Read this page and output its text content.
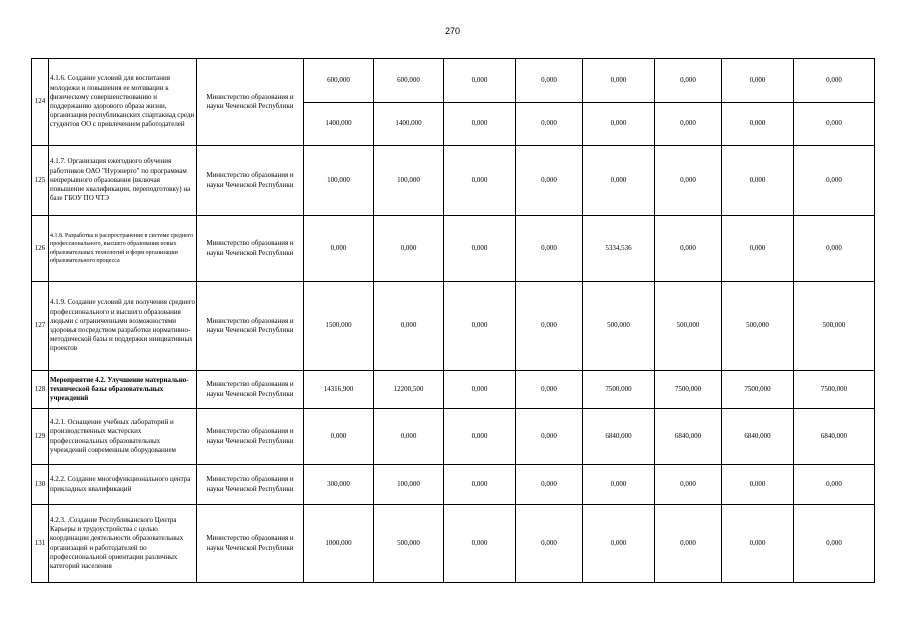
270
124	4.1.6. Создание условий для воспитания молодежи и повышения ее мотивации к физическому совершенствованию и поддержанию здорового образа жизни, организация республиканских спартакиад среди студентов ОО с привлечением работодателей	Министерство образования и науки Чеченской Республики	600,000	600,000	0,000	0,000	0,000	0,000	0,000	0,000
			1400,000	1400,000	0,000	0,000	0,000	0,000	0,000	0,000
125	4.1.7. Организация ежегодного обучения работников ОАО "Нурэнерго" по программам непрерывного образования (включая повышение квалификации, переподготовку) на базе ГБОУ ПО ЧТЭ	Министерство образования и науки Чеченской Республики	100,000	100,000	0,000	0,000	0,000	0,000	0,000	0,000
126	4.1.8. Разработка и распространение в системе среднего профессионального, высшего образования новых образовательных технологий и форм организации образовательного процесса	Министерство образования и науки Чеченской Республики	0,000	0,000	0,000	0,000	5334,536	0,000	0,000	0,000
127	4.1.9. Создание условий для получения среднего профессионального и высшего образования людьми с ограниченными возможностями здоровья посредством разработки нормативно-методической базы и поддержки инициативных проектов	Министерство образования и науки Чеченской Республики	1500,000	0,000	0,000	0,000	500,000	500,000	500,000	500,000
128	Мероприятие 4.2. Улучшение материально-технической базы образовательных учреждений	Министерство образования и науки Чеченской Республики	14316,900	12200,500	0,000	0,000	7500,000	7500,000	7500,000	7500,000
129	4.2.1. Оснащение учебных лабораторий и производственных мастерских профессиональных образовательных учреждений современным оборудованием	Министерство образования и науки Чеченской Республики	0,000	0,000	0,000	0,000	6840,000	6840,000	6840,000	6840,000
130	4.2.2. Создание многофункционального центра прикладных квалификаций	Министерство образования и науки Чеченской Республики	300,000	100,000	0,000	0,000	0,000	0,000	0,000	0,000
131	4.2.3. .Создание Республиканского Центра Карьеры и трудоустройства с целью координации деятельности образовательных организаций и работодателей по профессиональной ориентации различных категорий населения	Министерство образования и науки Чеченской Республики	1000,000	500,000	0,000	0,000	0,000	0,000	0,000	0,000
